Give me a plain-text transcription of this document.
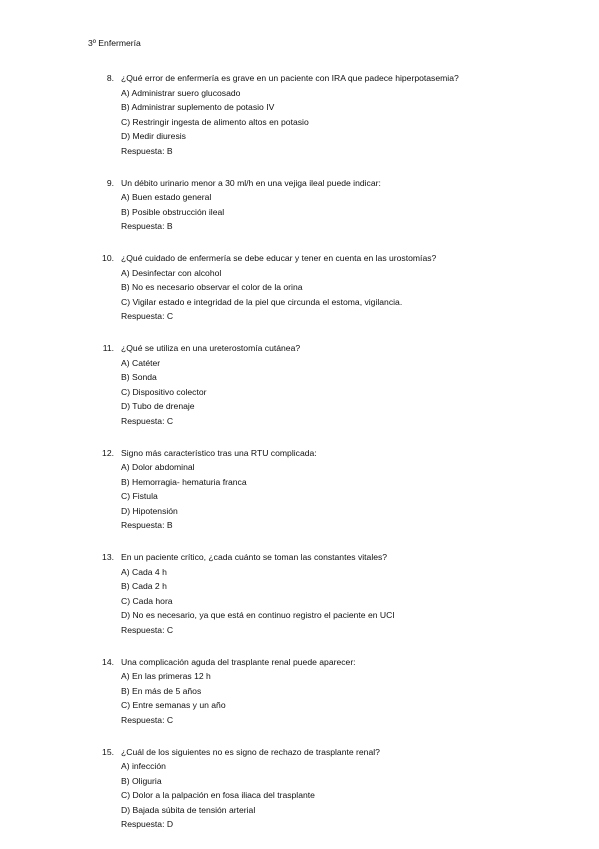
3º Enfermería
8. ¿Qué error de enfermería es grave en un paciente con IRA que padece hiperpotasemia?
A) Administrar suero glucosado
B) Administrar suplemento de potasio IV
C) Restringir ingesta de alimento altos en potasio
D) Medir diuresis
Respuesta: B
9. Un débito urinario menor a 30 ml/h en una vejiga ileal puede indicar:
A) Buen estado general
B) Posible obstrucción ileal
Respuesta: B
10. ¿Qué cuidado de enfermería se debe educar y tener en cuenta en las urostomías?
A) Desinfectar con alcohol
B) No es necesario observar el color de la orina
C) Vigilar estado e integridad de la piel que circunda el estoma, vigilancia.
Respuesta: C
11. ¿Qué se utiliza en una ureterostomía cutánea?
A) Catéter
B) Sonda
C) Dispositivo colector
D) Tubo de drenaje
Respuesta: C
12. Signo más característico tras una RTU complicada:
A) Dolor abdominal
B) Hemorragia- hematuria franca
C) Fistula
D) Hipotensión
Respuesta: B
13. En un paciente crítico, ¿cada cuánto se toman las constantes vitales?
A) Cada 4 h
B) Cada 2 h
C) Cada hora
D) No es necesario, ya que está en continuo registro el paciente en UCI
Respuesta: C
14. Una complicación aguda del trasplante renal puede aparecer:
A) En las primeras 12 h
B) En más de 5 años
C) Entre semanas y un año
Respuesta: C
15. ¿Cuál de los siguientes no es signo de rechazo de trasplante renal?
A) infección
B) Oliguria
C) Dolor a la palpación en fosa iliaca del trasplante
D) Bajada súbita de tensión arterial
Respuesta: D
